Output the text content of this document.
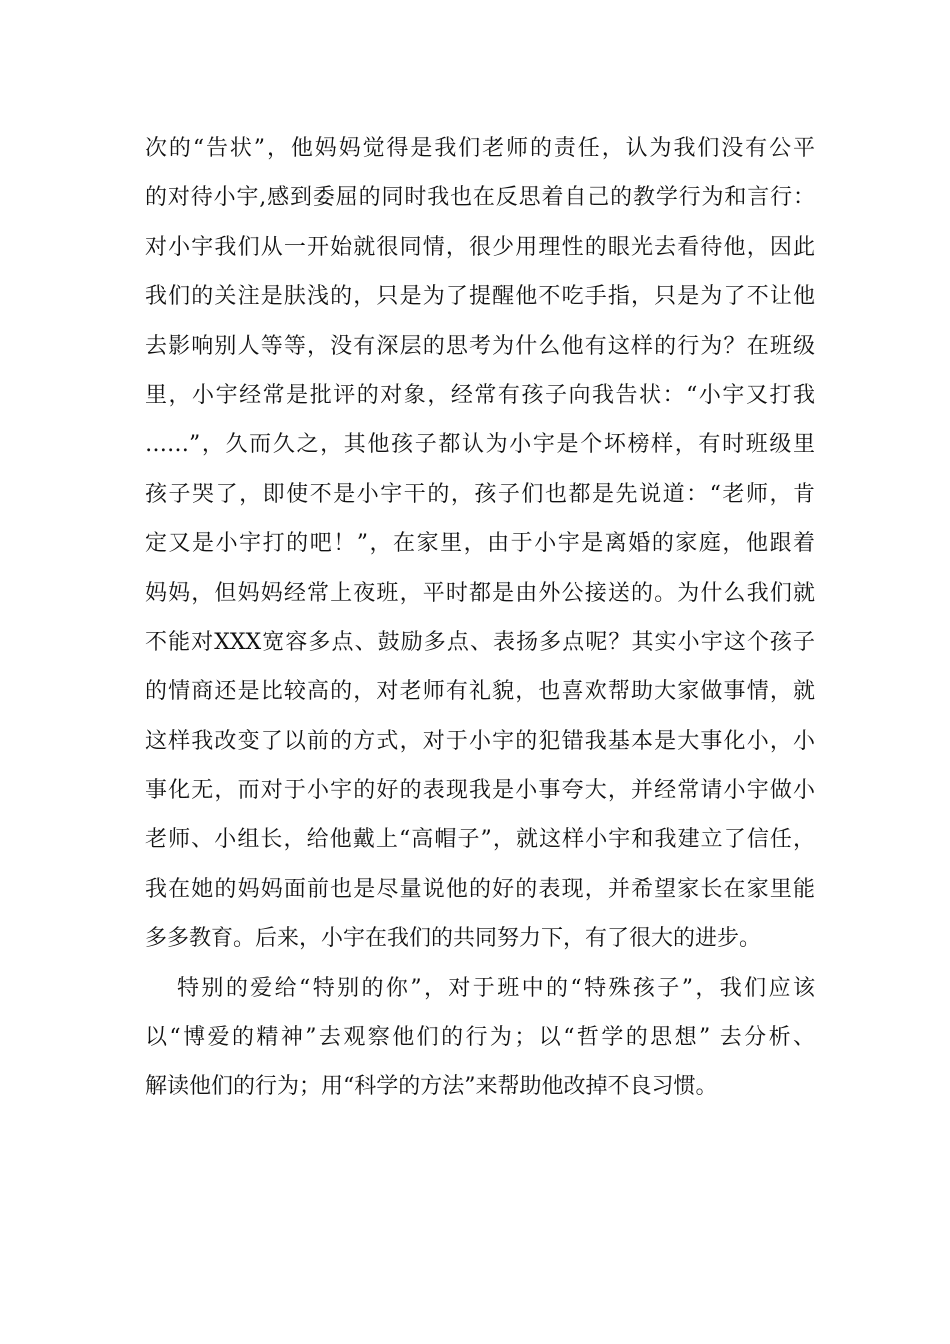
次的“告状”，他妈妈觉得是我们老师的责任，认为我们没有公平
的对待小宇,感到委屈的同时我也在反思着自己的教学行为和言行：
对小宇我们从一开始就很同情，很少用理性的眼光去看待他，因此
我们的关注是肤浅的，只是为了提醒他不吃手指，只是为了不让他
去影响别人等等，没有深层的思考为什么他有这样的行为？在班级
里，小宇经常是批评的对象，经常有孩子向我告状：“小宇又打我
……”，久而久之，其他孩子都认为小宇是个坏榜样，有时班级里
孩子哭了，即使不是小宇干的，孩子们也都是先说道：“老师，肯
定又是小宇打的吧！”，在家里，由于小宇是离婚的家庭，他跟着
妈妈，但妈妈经常上夜班，平时都是由外公接送的。为什么我们就
不能对XXX宽容多点、鼓励多点、表扬多点呢？其实小宇这个孩子
的情商还是比较高的，对老师有礼貌，也喜欢帮助大家做事情，就
这样我改变了以前的方式，对于小宇的犯错我基本是大事化小，小
事化无，而对于小宇的好的表现我是小事夸大，并经常请小宇做小
老师、小组长，给他戴上“高帽子”，就这样小宇和我建立了信任，
我在她的妈妈面前也是尽量说他的好的表现，并希望家长在家里能
多多教育。后来，小宇在我们的共同努力下，有了很大的进步。
特别的爱给“特别的你”，对于班中的“特殊孩子”，我们应该
以“博爱的精神”去观察他们的行为；以“哲学的思想” 去分析、
解读他们的行为；用“科学的方法”来帮助他改掉不良习惯。
